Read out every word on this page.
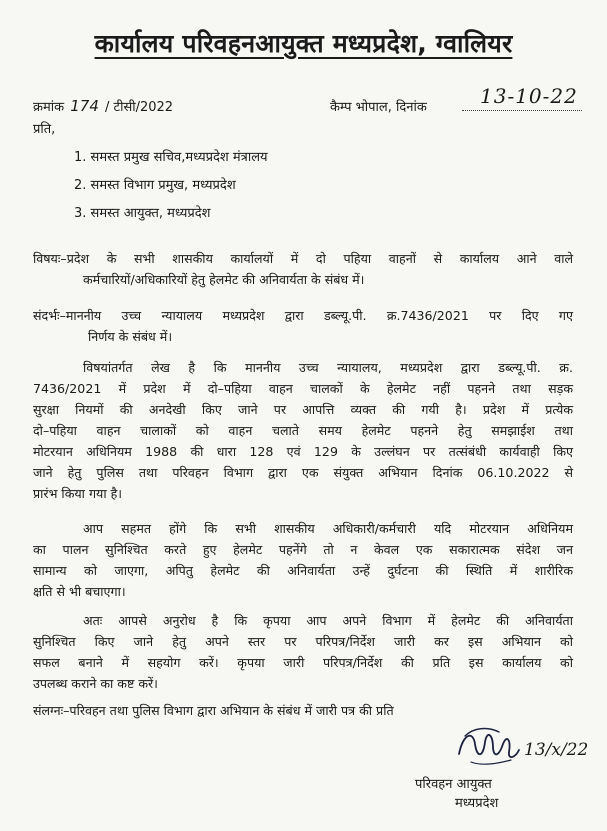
कार्यालय परिवहनआयुक्त मध्यप्रदेश, ग्वालियर
क्रमांक 174 / टीसी/2022	कैम्प भोपाल, दिनांक	13-10-22
प्रति,
1. समस्त प्रमुख सचिव,मध्यप्रदेश मंत्रालय
2. समस्त विभाग प्रमुख, मध्यप्रदेश
3. समस्त आयुक्त, मध्यप्रदेश
विषयः–प्रदेश के सभी शासकीय कार्यालयों में दो पहिया वाहनों से कार्यालय आने वाले
कर्मचारियों/अधिकारियों हेतु हेलमेट की अनिवार्यता के संबंध में।
संदर्भः–माननीय उच्च न्यायालय मध्यप्रदेश द्वारा डब्ल्यू.पी. क्र.7436/2021 पर दिए गए
निर्णय के संबंध में।
विषयांतर्गत लेख है कि माननीय उच्च न्यायालय, मध्यप्रदेश द्वारा डब्ल्यू.पी. क्र.
7436/2021 में प्रदेश में दो–पहिया वाहन चालकों के हेलमेट नहीं पहनने तथा सड़क
सुरक्षा नियमों की अनदेखी किए जाने पर आपत्ति व्यक्त की गयी है। प्रदेश में प्रत्येक
दो–पहिया वाहन चालाकों को वाहन चलाते समय हेलमेट पहनने हेतु समझाईश तथा
मोटरयान अधिनियम 1988 की धारा 128 एवं 129 के उल्लंघन पर तत्संबंधी कार्यवाही किए
जाने हेतु पुलिस तथा परिवहन विभाग द्वारा एक संयुक्त अभियान दिनांक 06.10.2022 से
प्रारंभ किया गया है।
आप सहमत होंगे कि सभी शासकीय अधिकारी/कर्मचारी यदि मोटरयान अधिनियम
का पालन सुनिश्चित करते हुए हेलमेट पहनेंगे तो न केवल एक सकारात्मक संदेश जन
सामान्य को जाएगा, अपितु हेलमेट की अनिवार्यता उन्हें दुर्घटना की स्थिति में शारीरिक
क्षति से भी बचाएगा।
अतः आपसे अनुरोध है कि कृपया आप अपने विभाग में हेलमेट की अनिवार्यता
सुनिश्चित किए जाने हेतु अपने स्तर पर परिपत्र/निर्देश जारी कर इस अभियान को
सफल बनाने में सहयोग करें। कृपया जारी परिपत्र/निर्देश की प्रति इस कार्यालय को
उपलब्ध कराने का कष्ट करें।
संलग्नः–परिवहन तथा पुलिस विभाग द्वारा अभियान के संबंध में जारी पत्र की प्रति
13/x/22
परिवहन आयुक्त
मध्यप्रदेश
